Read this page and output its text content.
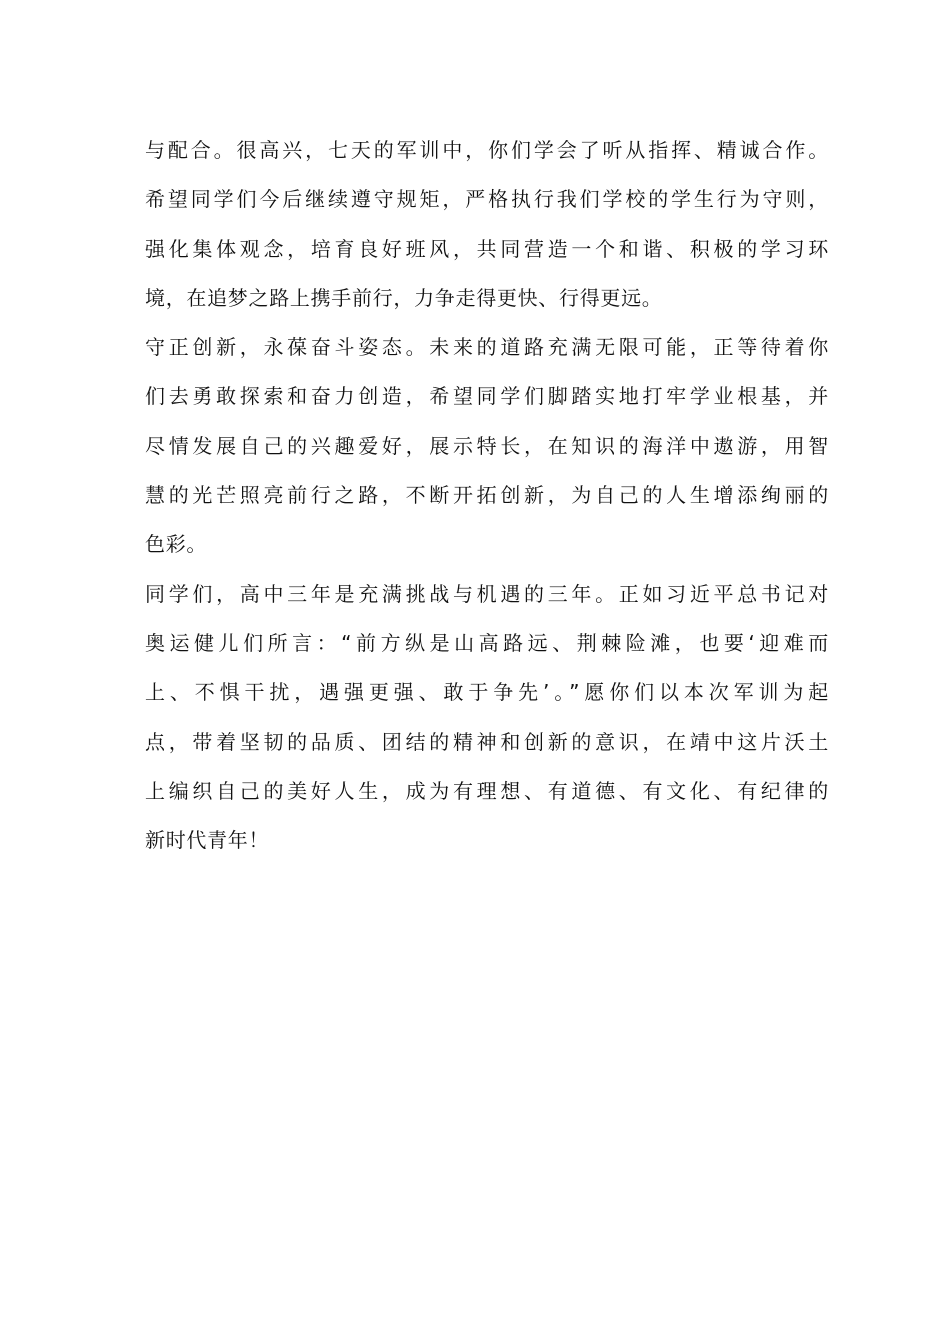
与配合。很高兴，七天的军训中，你们学会了听从指挥、精诚合作。
希望同学们今后继续遵守规矩，严格执行我们学校的学生行为守则，
强化集体观念，培育良好班风，共同营造一个和谐、积极的学习环
境，在追梦之路上携手前行，力争走得更快、行得更远。
守正创新，永葆奋斗姿态。未来的道路充满无限可能，正等待着你
们去勇敢探索和奋力创造，希望同学们脚踏实地打牢学业根基，并
尽情发展自己的兴趣爱好，展示特长，在知识的海洋中遨游，用智
慧的光芒照亮前行之路，不断开拓创新，为自己的人生增添绚丽的
色彩。
同学们，高中三年是充满挑战与机遇的三年。正如习近平总书记对
奥运健儿们所言：“前方纵是山高路远、荆棘险滩，也要‘迎难而
上、不惧干扰，遇强更强、敢于争先’。”愿你们以本次军训为起
点，带着坚韧的品质、团结的精神和创新的意识，在靖中这片沃土
上编织自己的美好人生，成为有理想、有道德、有文化、有纪律的
新时代青年！
